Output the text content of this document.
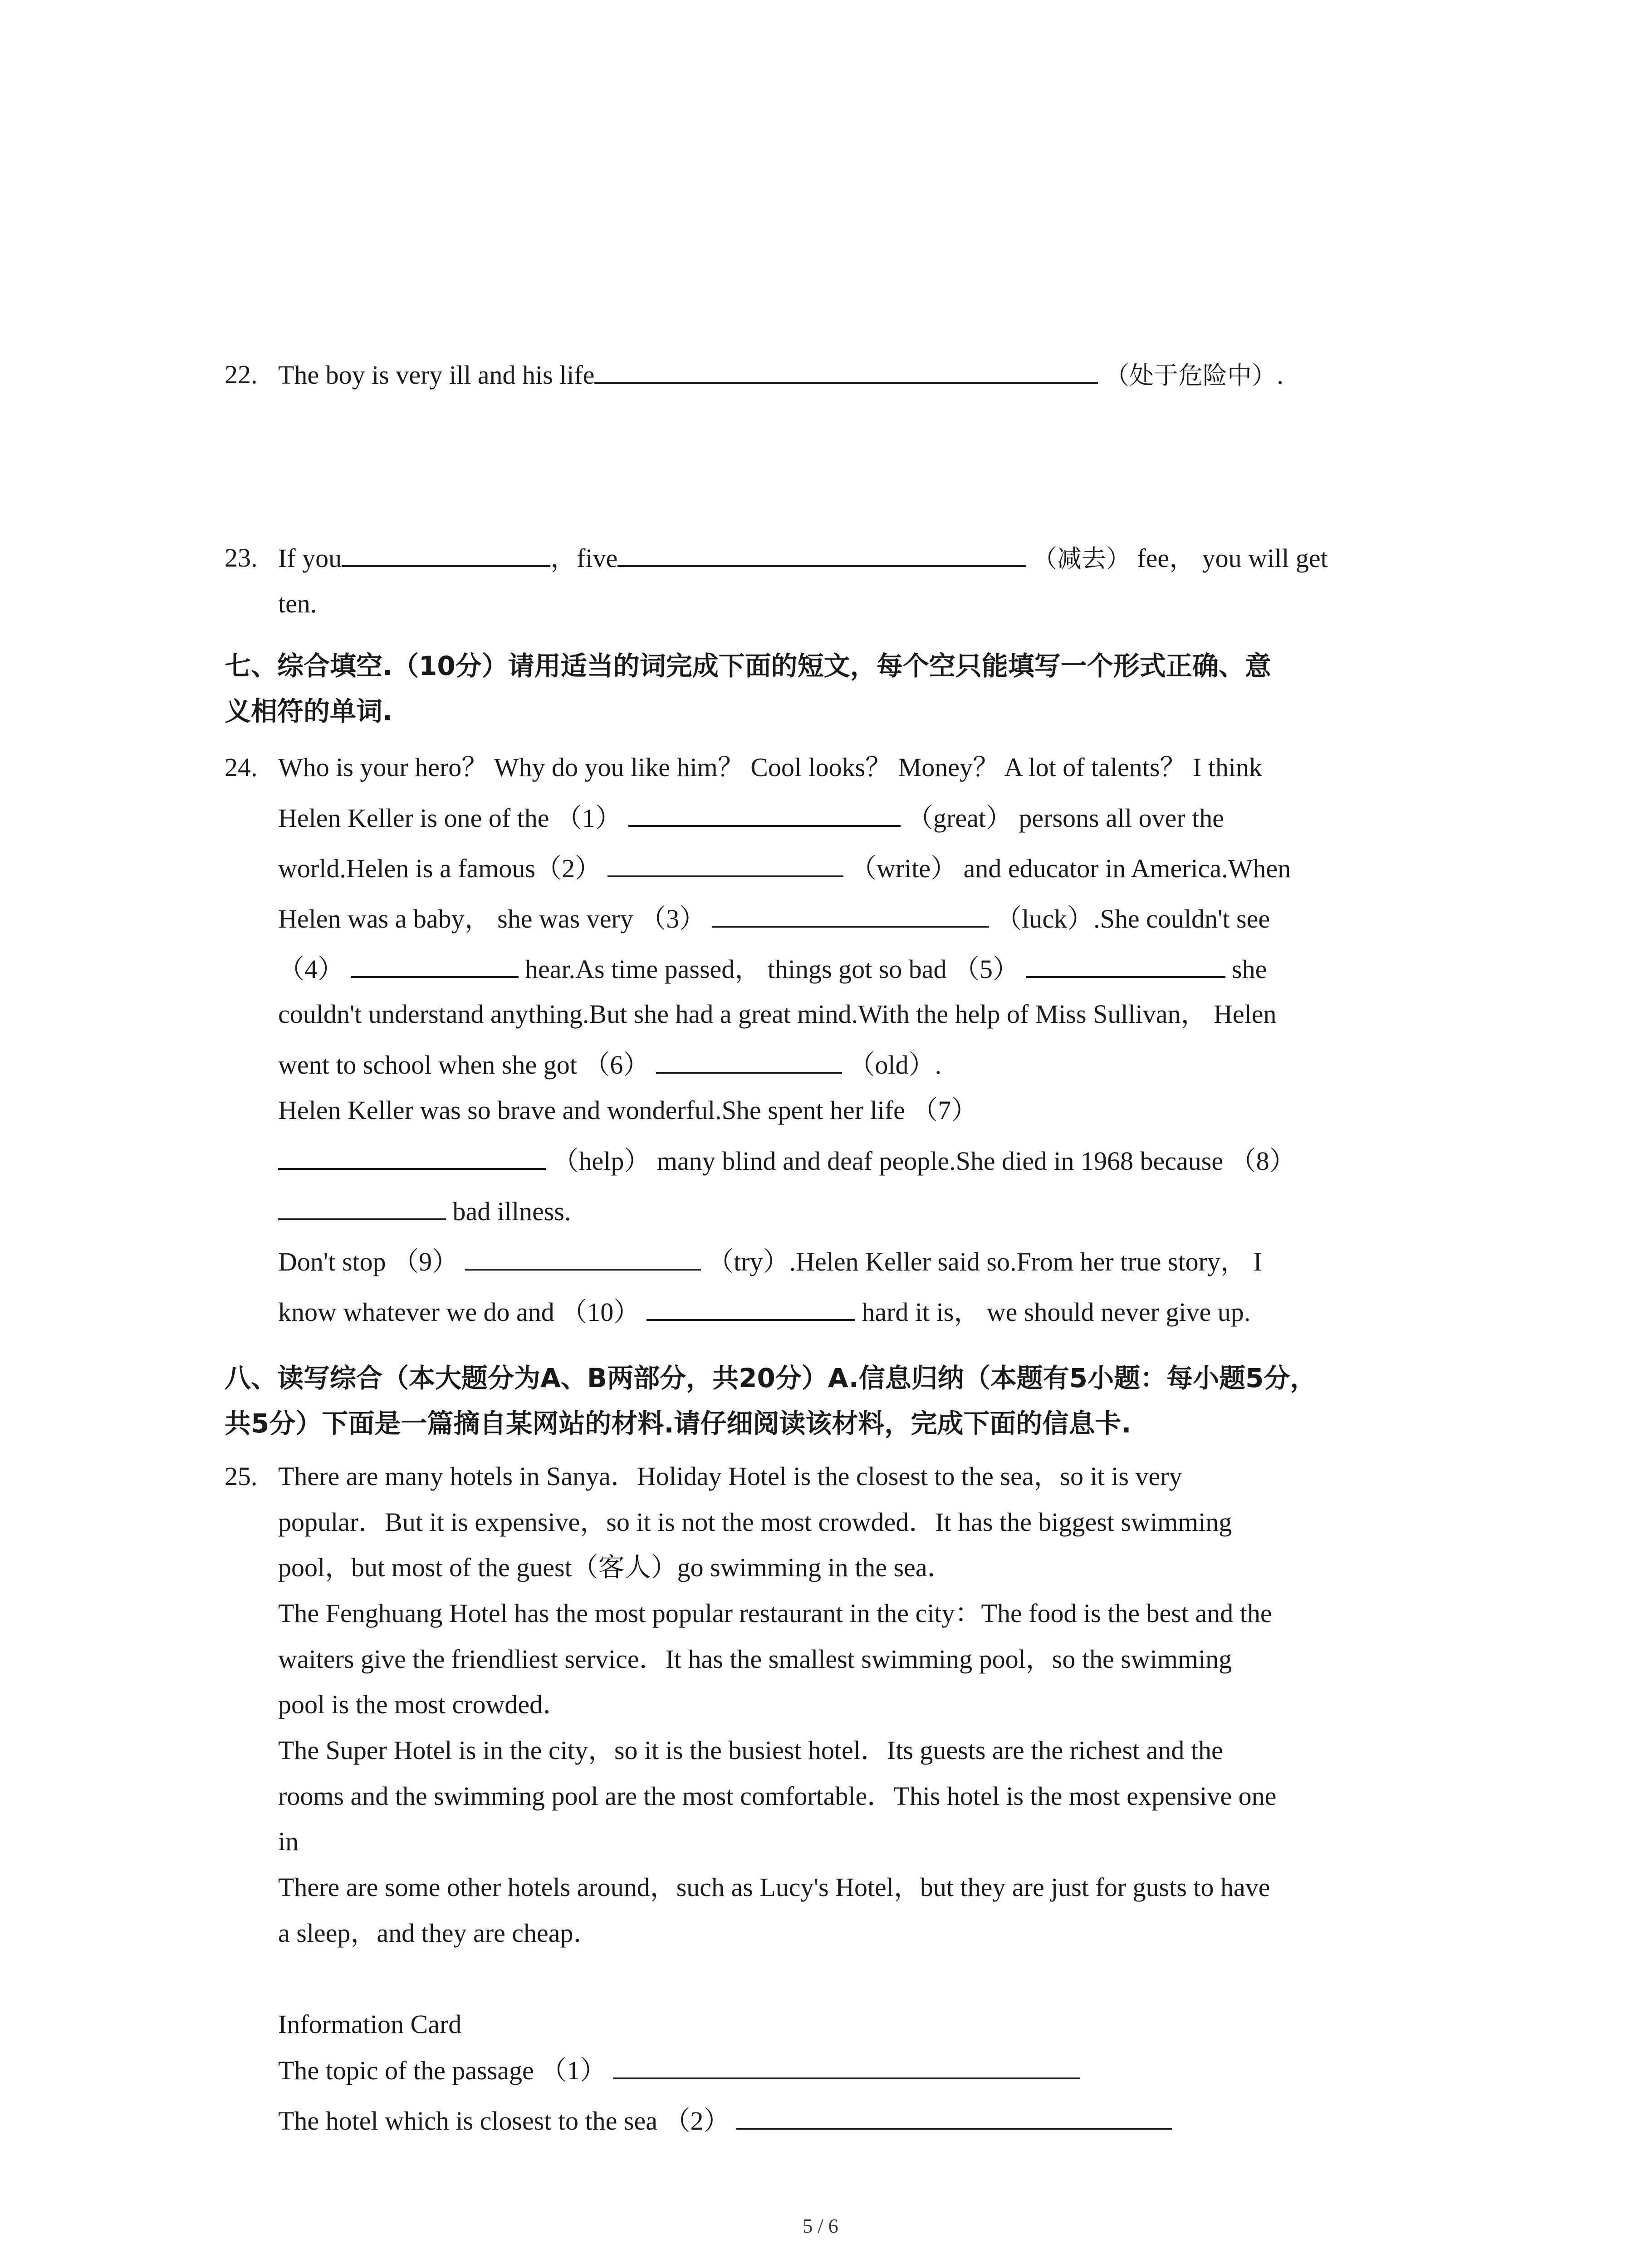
22. The boy is very ill and his life	（处于危险中）.
23. If you	，five	（减去） fee， you will get
ten.
七、综合填空.（10分）请用适当的词完成下面的短文，每个空只能填写一个形式正确、意
义相符的单词.
24. Who is your hero？ Why do you like him？ Cool looks？ Money？ A lot of talents？ I think
Helen Keller is one of the （1）	（great） persons all over the
world.Helen is a famous（2）	（write） and educator in America.When
Helen was a baby， she was very （3）	（luck）.She couldn't see
（4）	hear.As time passed， things got so bad （5）	she
couldn't understand anything.But she had a great mind.With the help of Miss Sullivan， Helen
went to school when she got （6）	（old）.
Helen Keller was so brave and wonderful.She spent her life （7）
（help） many blind and deaf people.She died in 1968 because （8）
bad illness.
Don't stop （9）	（try）.Helen Keller said so.From her true story， I
know whatever we do and （10）	hard it is， we should never give up.
八、读写综合（本大题分为A、B两部分，共20分）A.信息归纳（本题有5小题：每小题5分，
共5分）下面是一篇摘自某网站的材料.请仔细阅读该材料，完成下面的信息卡.
25. There are many hotels in Sanya．Holiday Hotel is the closest to the sea，so it is very
popular．But it is expensive，so it is not the most crowded．It has the biggest swimming
pool，but most of the guest（客人）go swimming in the sea．
The Fenghuang Hotel has the most popular restaurant in the city：The food is the best and the
waiters give the friendliest service．It has the smallest swimming pool，so the swimming
pool is the most crowded．
The Super Hotel is in the city，so it is the busiest hotel．Its guests are the richest and the
rooms and the swimming pool are the most comfortable．This hotel is the most expensive one
in
There are some other hotels around，such as Lucy's Hotel，but they are just for gusts to have
a sleep，and they are cheap．
Information Card
The topic of the passage （1）
The hotel which is closest to the sea （2）
5 / 6
